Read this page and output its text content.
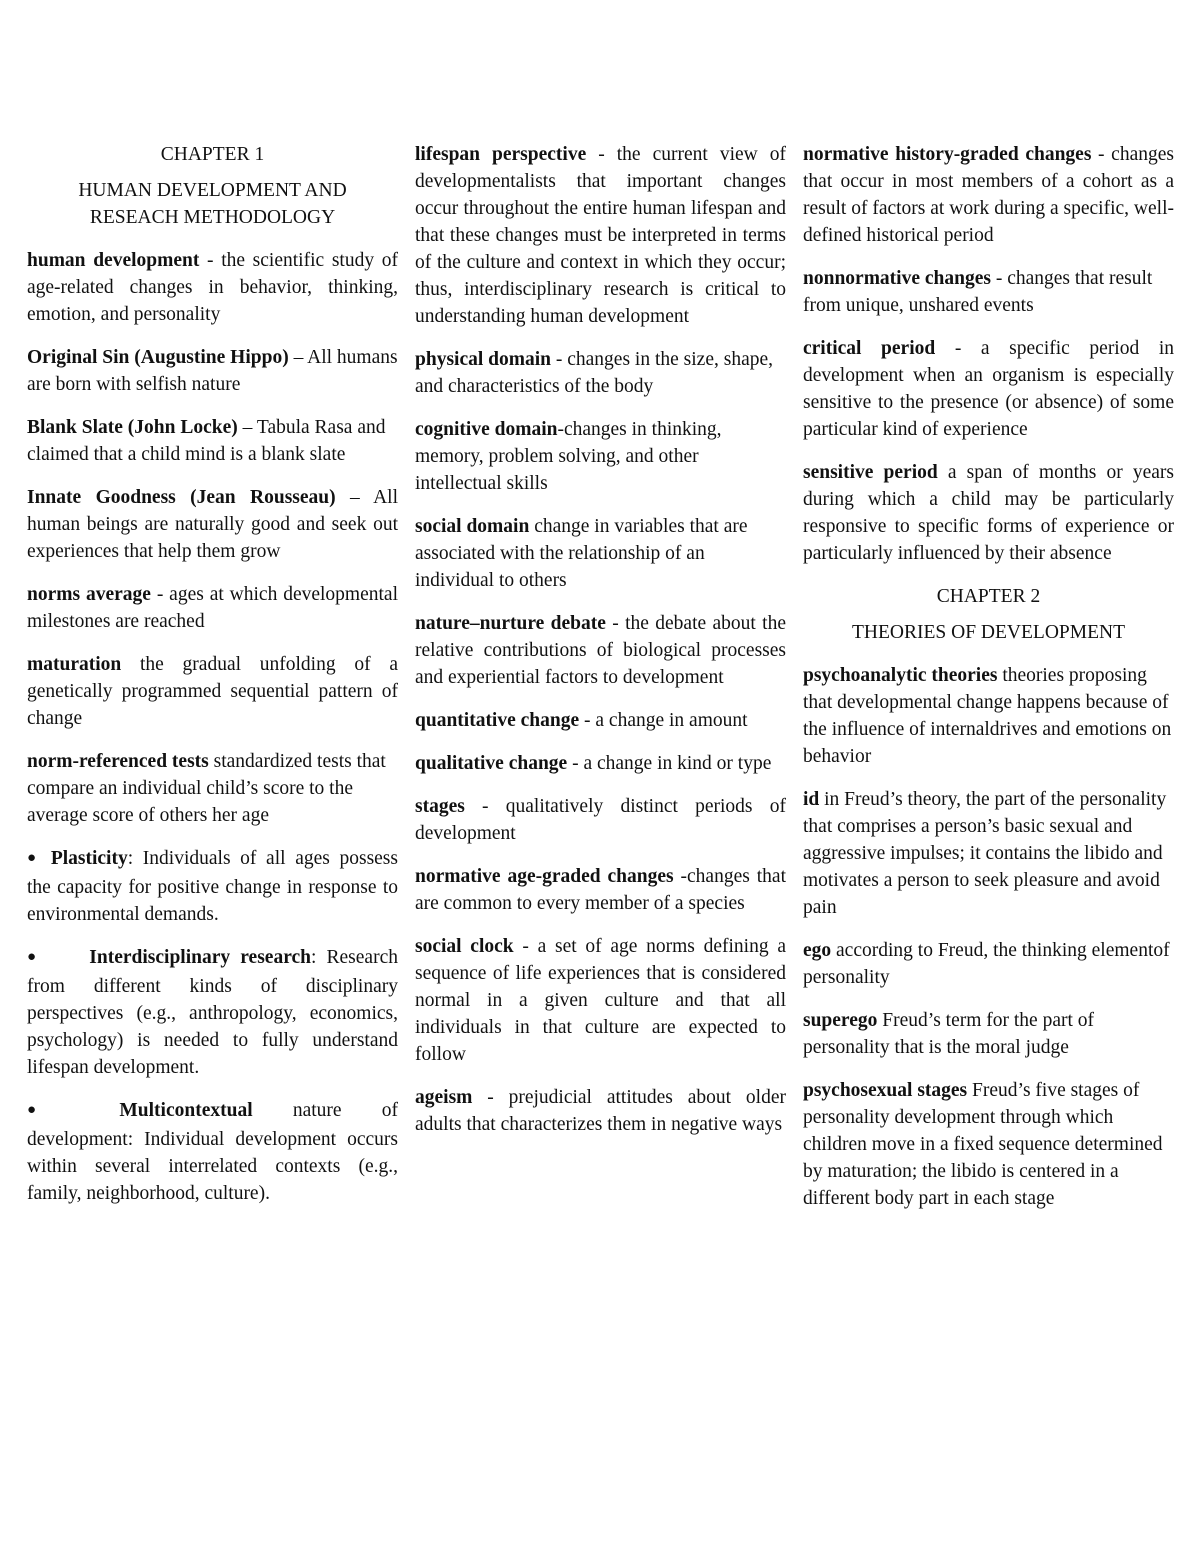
CHAPTER 1
HUMAN DEVELOPMENT AND
RESEACH METHODOLOGY

human development - the scientific study of age-related changes in behavior, thinking, emotion, and personality

Original Sin (Augustine Hippo) – All humans are born with selfish nature

Blank Slate (John Locke) – Tabula Rasa and claimed that a child mind is a blank slate

Innate Goodness (Jean Rousseau) – All human beings are naturally good and seek out experiences that help them grow

norms average - ages at which developmental milestones are reached

maturation the gradual unfolding of a genetically programmed sequential pattern of change

norm-referenced tests standardized tests that compare an individual child’s score to the average score of others her age

● Plasticity: Individuals of all ages possess the capacity for positive change in response to environmental demands.

● Interdisciplinary research: Research from different kinds of disciplinary perspectives (e.g., anthropology, economics, psychology) is needed to fully understand lifespan development.

● Multicontextual nature of development: Individual development occurs within several interrelated contexts (e.g., family, neighborhood, culture).

lifespan perspective - the current view of developmentalists that important changes occur throughout the entire human lifespan and that these changes must be interpreted in terms of the culture and context in which they occur; thus, interdisciplinary research is critical to understanding human development

physical domain - changes in the size, shape, and characteristics of the body

cognitive domain-changes in thinking, memory, problem solving, and other intellectual skills

social domain change in variables that are associated with the relationship of an individual to others

nature–nurture debate - the debate about the relative contributions of biological processes and experiential factors to development

quantitative change - a change in amount

qualitative change - a change in kind or type

stages - qualitatively distinct periods of development

normative age-graded changes -changes that are common to every member of a species

social clock - a set of age norms defining a sequence of life experiences that is considered normal in a given culture and that all individuals in that culture are expected to follow

ageism - prejudicial attitudes about older adults that characterizes them in negative ways

normative history-graded changes - changes that occur in most members of a cohort as a result of factors at work during a specific, well-defined historical period

nonnormative changes - changes that result from unique, unshared events

critical period - a specific period in development when an organism is especially sensitive to the presence (or absence) of some particular kind of experience

sensitive period a span of months or years during which a child may be particularly responsive to specific forms of experience or particularly influenced by their absence

CHAPTER 2
THEORIES OF DEVELOPMENT

psychoanalytic theories theories proposing that developmental change happens because of the influence of internaldrives and emotions on behavior

id in Freud’s theory, the part of the personality that comprises a person’s basic sexual and aggressive impulses; it contains the libido and motivates a person to seek pleasure and avoid pain

ego according to Freud, the thinking elementof personality

superego Freud’s term for the part of personality that is the moral judge

psychosexual stages Freud’s five stages of personality development through which children move in a fixed sequence determined by maturation; the libido is centered in a different body part in each stage
